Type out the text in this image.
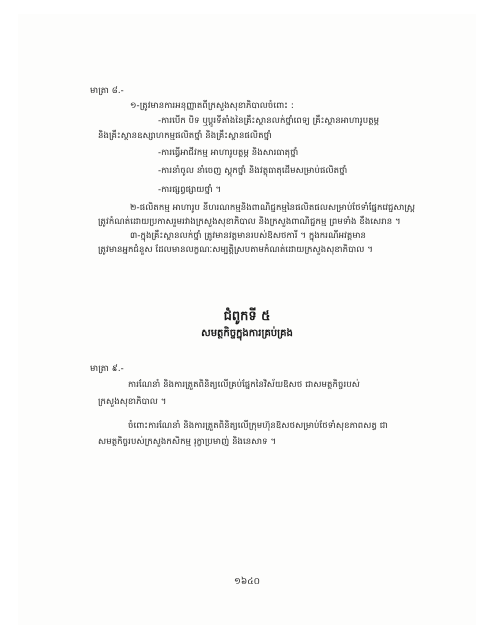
មាត្រា ៨.-
១-ត្រូវមានការអនុញ្ញាតពីក្រសួងសុខាភិបាលចំពោះ :
-ការបើក បិទ ឬប្ដូរទីតាំងនៃគ្រឹះស្ថានលក់ថ្នាំពេទ្យ គ្រឹះស្ថានអាហារូបត្ថម្ភ
និងគ្រឹះស្ថានឧស្សាហកម្មផលិតថ្នាំ និងគ្រឹះស្ថានផលិតថ្នាំ
-ការធ្វើអាជីវកម្ម អាហារូបត្ថម្ភ និងសារធាតុថ្នាំ
-ការនាំចូល នាំចេញ ស្តុកថ្នាំ និងវត្ថុធាតុដើមសម្រាប់ផលិតថ្នាំ
-ការផ្សព្វផ្សាយថ្នាំ ។
២-ផលិតកម្ម អាហារូប នីហរណកម្មនិងពាណិជ្ជកម្មនៃផលិតផលសម្រាប់ថែទាំផ្នែកវេជ្ជសាស្ត្រ
ត្រូវកំណត់ដោយប្រកាសរួមរវាងក្រសួងសុខាភិបាល និងក្រសួងពាណិជ្ជកម្ម ព្រមទាំង ខឹងសេរាន ។
៣-ក្នុងគ្រឹះស្ថានលក់ថ្នាំ ត្រូវមានវត្តមានរបស់ឱសថការី ។ ក្នុងករណីអវត្តមាន
ត្រូវមានអ្នកជំនួស ដែលមានលក្ខណៈសម្បត្តិស្របតាមកំណត់ដោយក្រសួងសុខាភិបាល ។
ជំពូកទី ៥
សមត្ថកិច្ចក្នុងការគ្រប់គ្រង
មាត្រា ៩.-
ការណែនាំ និងការត្រួតពិនិត្យលើគ្រប់ផ្នែកនៃវិស័យឱសថ ជាសមត្ថកិច្ចរបស់
ក្រសួងសុខាភិបាល ។
ចំពោះការណែនាំ និងការត្រួតពិនិត្យលើក្រុមហ៊ុនឱសថសម្រាប់ថែទាំសុខភាពសត្វ ជា
សមត្ថកិច្ចរបស់ក្រសួងកសិកម្ម រុក្ខាប្រមាញ់ និងនេសាទ ។
១៦៤០
